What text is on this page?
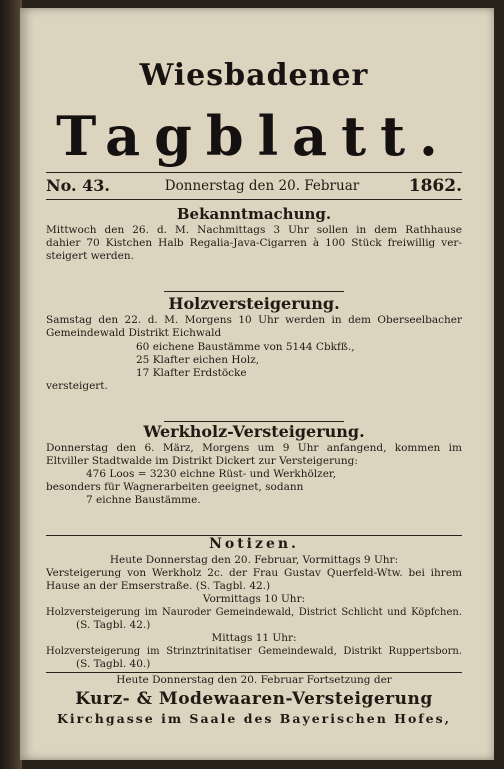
Wiesbadener
Tagblatt.
No. 43.	Donnerstag den 20. Februar	1862.
Bekanntmachung.
Mittwoch den 26. d. M. Nachmittags 3 Uhr sollen in dem Rathhause
dahier 70 Kistchen Halb Regalia-Java-Cigarren à 100 Stück freiwillig ver-
steigert werden.
Holzversteigerung.
Samstag den 22. d. M. Morgens 10 Uhr werden in dem Oberseelbacher
Gemeindewald Distrikt Eichwald
60 eichene Baustämme von 5144 Cbkfß.,
25 Klafter eichen Holz,
17 Klafter Erdstöcke
versteigert.
Werkholz-Versteigerung.
Donnerstag den 6. März, Morgens um 9 Uhr anfangend, kommen im
Eltviller Stadtwalde im Distrikt Dickert zur Versteigerung:
476 Loos = 3230 eichne Rüst- und Werkhölzer,
besonders für Wagnerarbeiten geeignet, sodann
7 eichne Baustämme.
Notizen.
Heute Donnerstag den 20. Februar, Vormittags 9 Uhr:
Versteigerung von Werkholz 2c. der Frau Gustav Querfeld-Wtw. bei ihrem
Hause an der Emserstraße. (S. Tagbl. 42.)
Vormittags 10 Uhr:
Holzversteigerung im Nauroder Gemeindewald, District Schlicht und Köpfchen.
(S. Tagbl. 42.)
Mittags 11 Uhr:
Holzversteigerung im Strinztrinitatiser Gemeindewald, Distrikt Ruppertsborn.
(S. Tagbl. 40.)
Heute Donnerstag den 20. Februar Fortsetzung der
Kurz- & Modewaaren-Versteigerung
Kirchgasse im Saale des Bayerischen Hofes,
